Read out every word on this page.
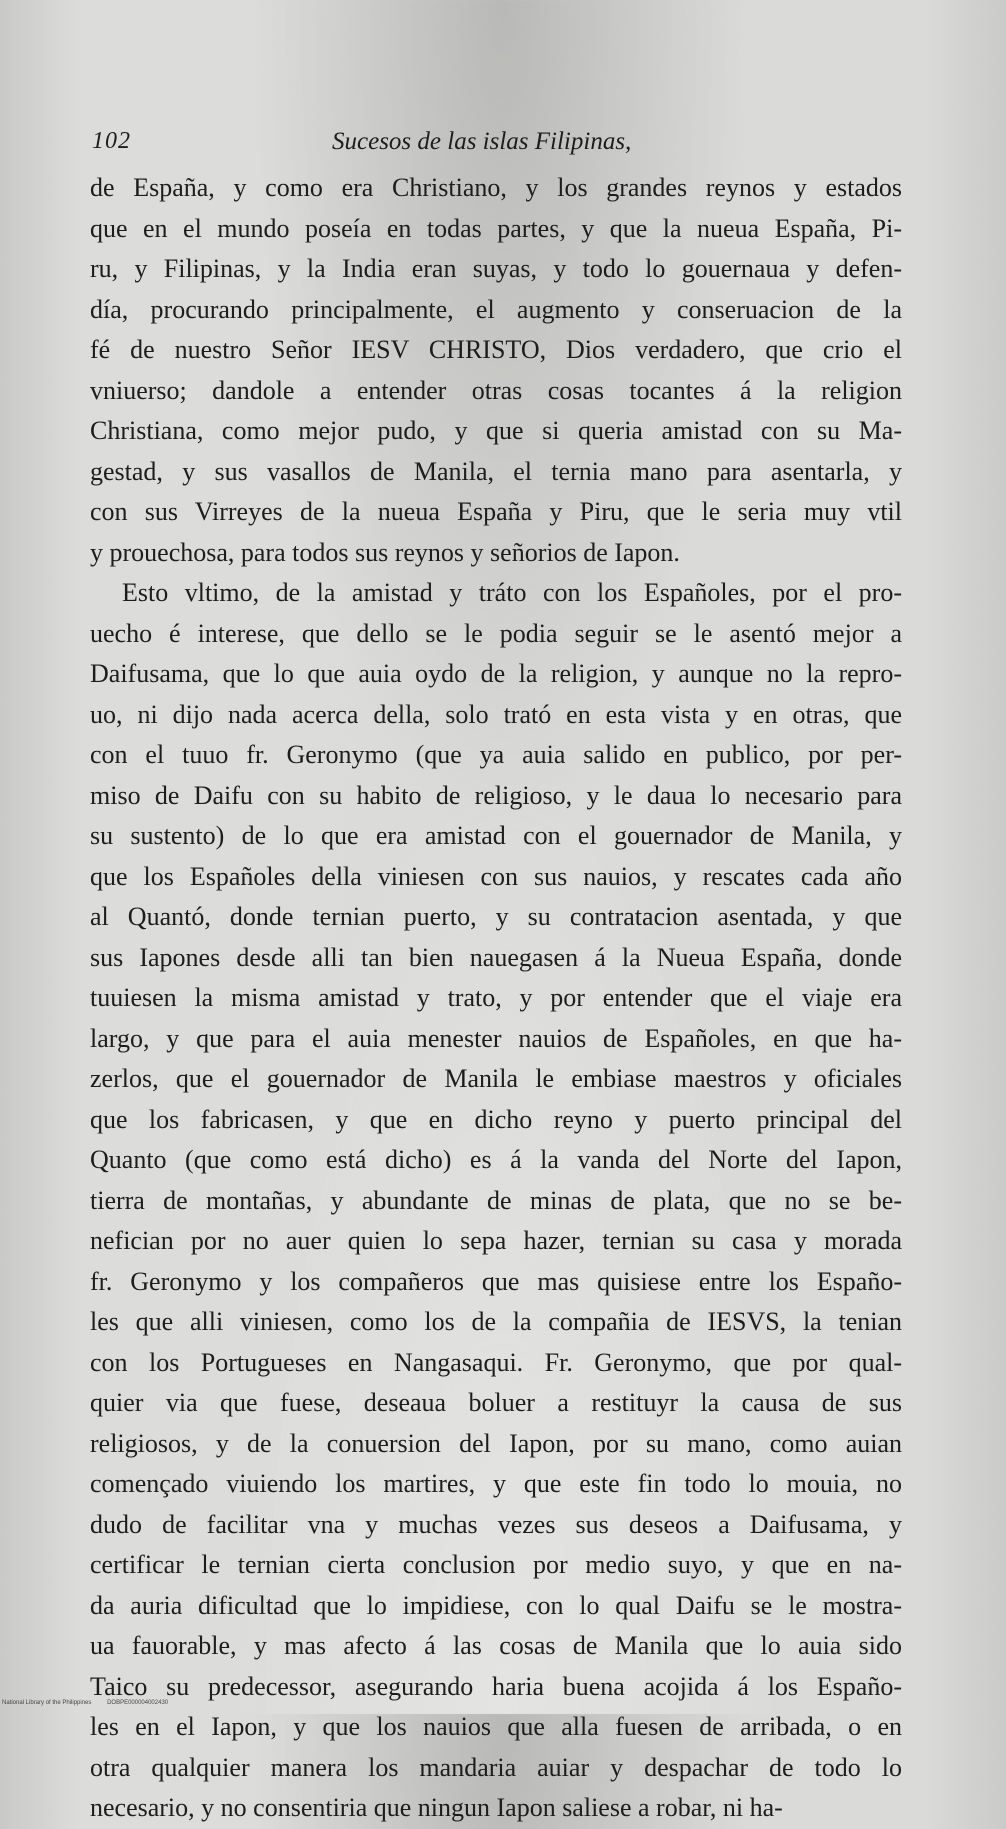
102	Sucesos de las islas Filipinas,
de España, y como era Christiano, y los grandes reynos y estados
que en el mundo poseía en todas partes, y que la nueua España, Pi-
ru, y Filipinas, y la India eran suyas, y todo lo gouernaua y defen-
día, procurando principalmente, el augmento y conseruacion de la
fé de nuestro Señor IESV CHRISTO, Dios verdadero, que crio el
vniuerso; dandole a entender otras cosas tocantes á la religion
Christiana, como mejor pudo, y que si queria amistad con su Ma-
gestad, y sus vasallos de Manila, el ternia mano para asentarla, y
con sus Virreyes de la nueua España y Piru, que le seria muy vtil
y prouechosa, para todos sus reynos y señorios de Iapon.
Esto vltimo, de la amistad y tráto con los Españoles, por el pro-
uecho é interese, que dello se le podia seguir se le asentó mejor a
Daifusama, que lo que auia oydo de la religion, y aunque no la repro-
uo, ni dijo nada acerca della, solo trató en esta vista y en otras, que
con el tuuo fr. Geronymo (que ya auia salido en publico, por per-
miso de Daifu con su habito de religioso, y le daua lo necesario para
su sustento) de lo que era amistad con el gouernador de Manila, y
que los Españoles della viniesen con sus nauios, y rescates cada año
al Quantó, donde ternian puerto, y su contratacion asentada, y que
sus Iapones desde alli tan bien nauegasen á la Nueua España, donde
tuuiesen la misma amistad y trato, y por entender que el viaje era
largo, y que para el auia menester nauios de Españoles, en que ha-
zerlos, que el gouernador de Manila le embiase maestros y oficiales
que los fabricasen, y que en dicho reyno y puerto principal del
Quanto (que como está dicho) es á la vanda del Norte del Iapon,
tierra de montañas, y abundante de minas de plata, que no se be-
nefician por no auer quien lo sepa hazer, ternian su casa y morada
fr. Geronymo y los compañeros que mas quisiese entre los Españo-
les que alli viniesen, como los de la compañia de IESVS, la tenian
con los Portugueses en Nangasaqui. Fr. Geronymo, que por qual-
quier via que fuese, deseaua boluer a restituyr la causa de sus
religiosos, y de la conuersion del Iapon, por su mano, como auian
començado viuiendo los martires, y que este fin todo lo mouia, no
dudo de facilitar vna y muchas vezes sus deseos a Daifusama, y
certificar le ternian cierta conclusion por medio suyo, y que en na-
da auria dificultad que lo impidiese, con lo qual Daifu se le mostra-
ua fauorable, y mas afecto á las cosas de Manila que lo auia sido
Taico su predecessor, asegurando haria buena acojida á los Españo-
les en el Iapon, y que los nauios que alla fuesen de arribada, o en
otra qualquier manera los mandaria auiar y despachar de todo lo
necesario, y no consentiria que ningun Iapon saliese a robar, ni ha-
National Library of the Philippines	DOBPE000004002430
